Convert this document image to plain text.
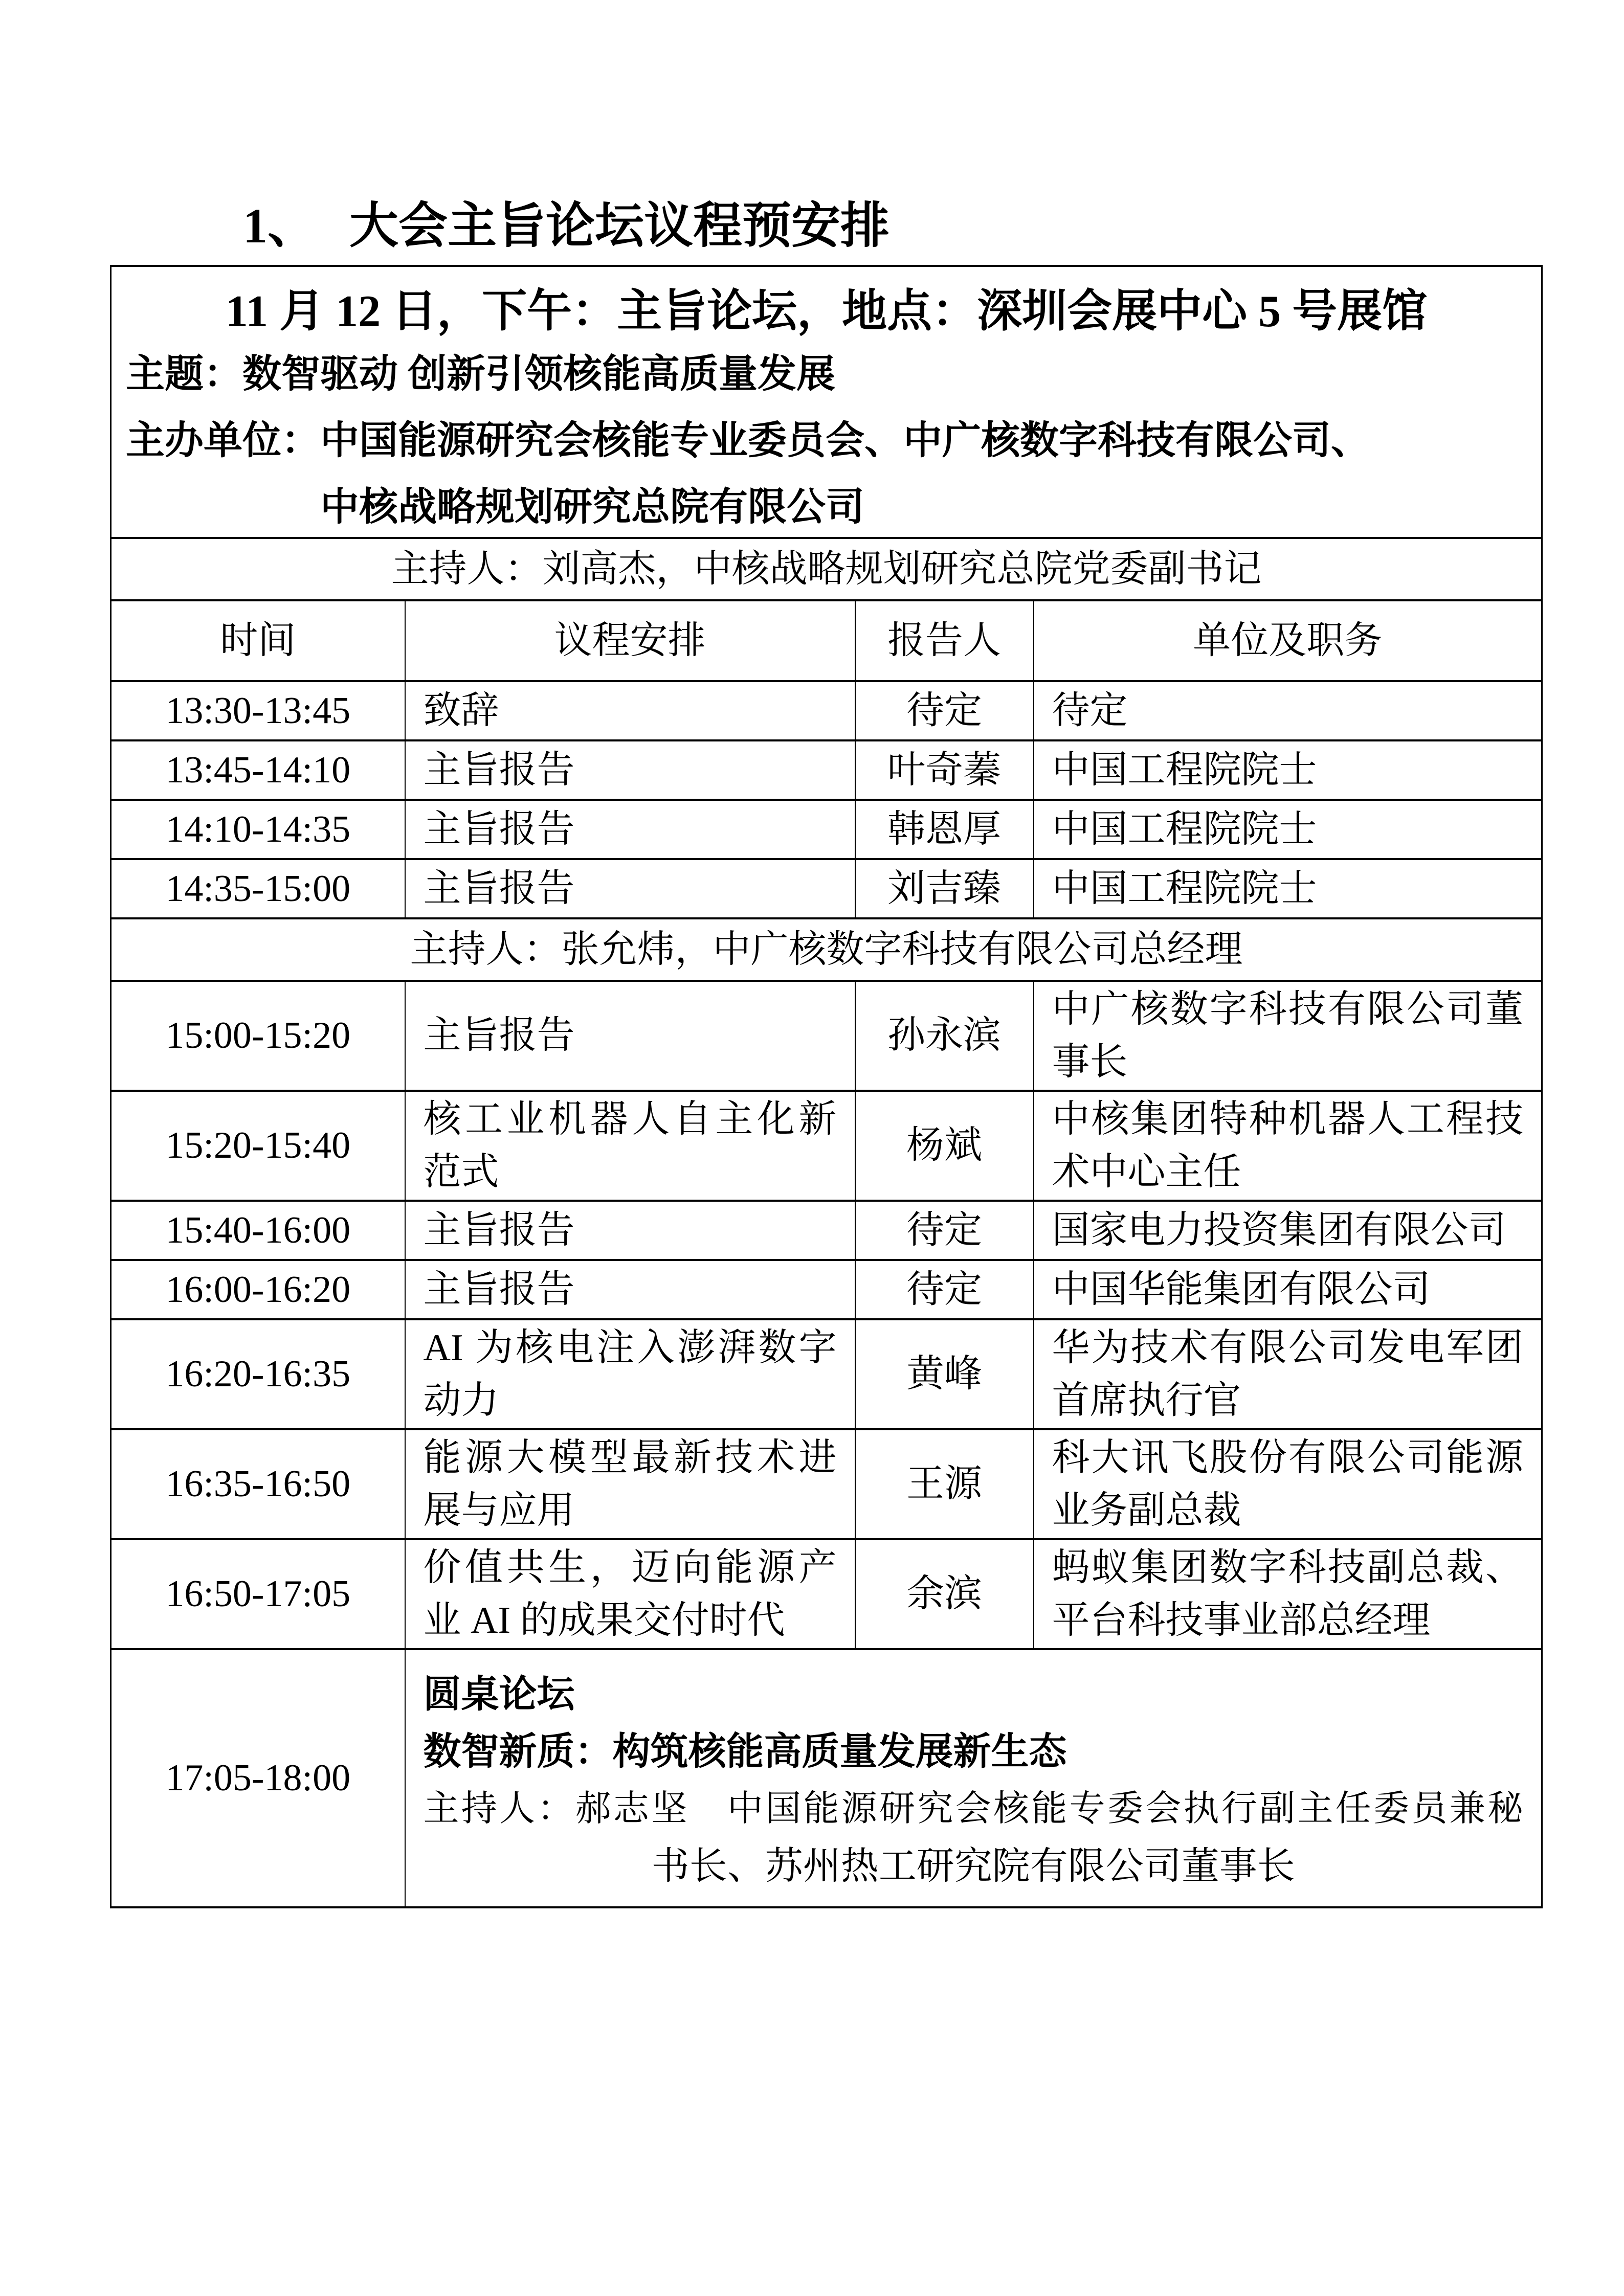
1、 大会主旨论坛议程预安排

11 月 12 日，下午：主旨论坛，地点：深圳会展中心 5 号展馆

主题：数智驱动 创新引领核能高质量发展

主办单位：中国能源研究会核能专业委员会、中广核数字科技有限公司、

中核战略规划研究总院有限公司			

主持人：刘高杰，中核战略规划研究总院党委副书记			
时间	议程安排	报告人	单位及职务
13:30-13:45	致辞	待定	待定
13:45-14:10	主旨报告	叶奇蓁	中国工程院院士
14:10-14:35	主旨报告	韩恩厚	中国工程院院士
14:35-15:00	主旨报告	刘吉臻	中国工程院院士
主持人：张允炜，中广核数字科技有限公司总经理			
15:00-15:20	主旨报告	孙永滨	中广核数字科技有限公司董事长
15:20-15:40	核工业机器人自主化新范式	杨斌	中核集团特种机器人工程技术中心主任
15:40-16:00	主旨报告	待定	国家电力投资集团有限公司
16:00-16:20	主旨报告	待定	中国华能集团有限公司
16:20-16:35	AI 为核电注入澎湃数字动力	黄峰	华为技术有限公司发电军团首席执行官
16:35-16:50	能源大模型最新技术进展与应用	王源	科大讯飞股份有限公司能源业务副总裁
16:50-17:05	价值共生，迈向能源产业 AI 的成果交付时代	余滨	蚂蚁集团数字科技副总裁、平台科技事业部总经理
17:05-18:00	圆桌论坛

数智新质：构筑核能高质量发展新生态

主持人：郝志坚　中国能源研究会核能专委会执行副主任委员兼秘

书长、苏州热工研究院有限公司董事长		
